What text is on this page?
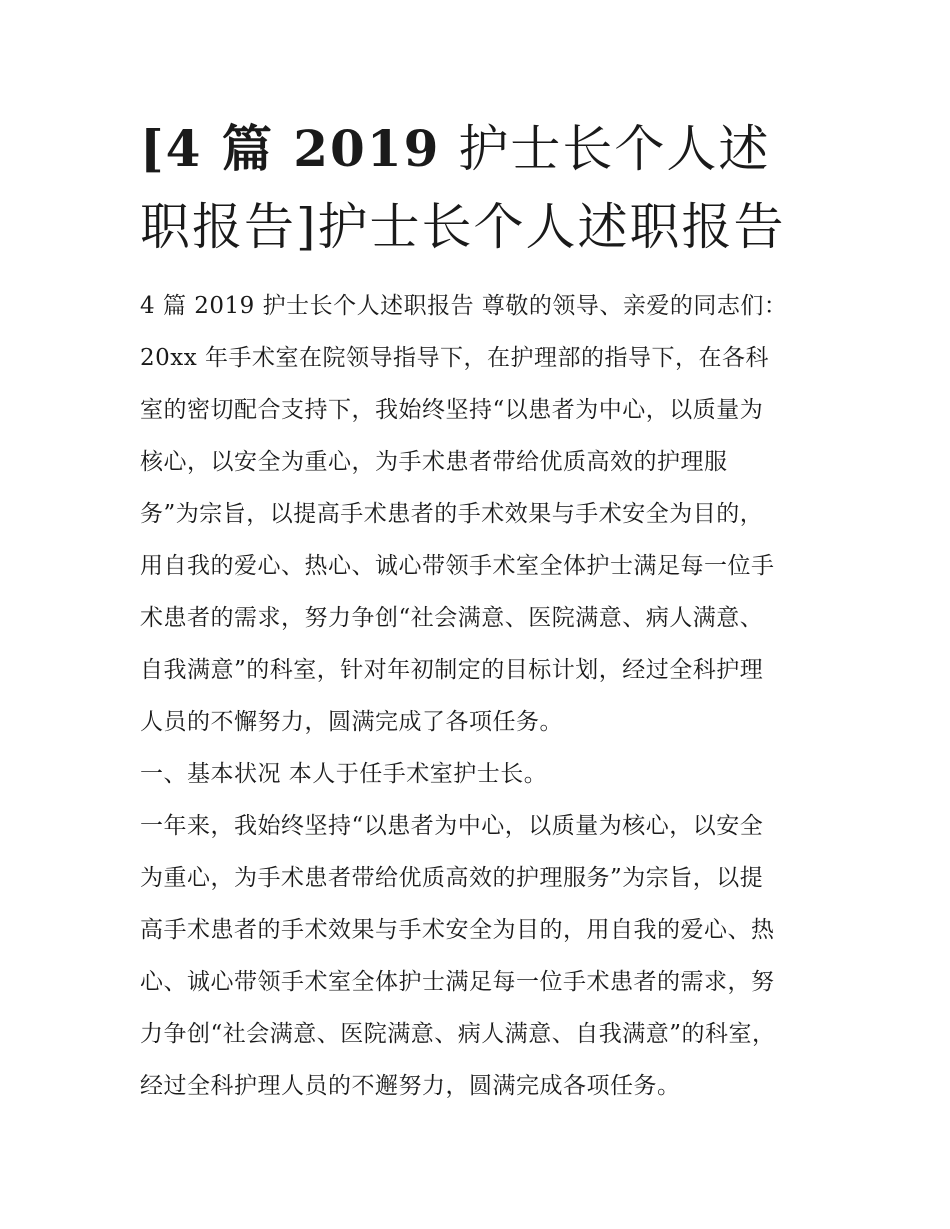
[4 篇 2019 护士长个人述职报告]护士长个人述职报告
4 篇 2019 护士长个人述职报告 尊敬的领导、亲爱的同志们：
20xx 年手术室在院领导指导下，在护理部的指导下，在各科
室的密切配合支持下，我始终坚持“以患者为中心，以质量为
核心，以安全为重心，为手术患者带给优质高效的护理服
务”为宗旨，以提高手术患者的手术效果与手术安全为目的，
用自我的爱心、热心、诚心带领手术室全体护士满足每一位手
术患者的需求，努力争创“社会满意、医院满意、病人满意、
自我满意”的科室，针对年初制定的目标计划，经过全科护理
人员的不懈努力，圆满完成了各项任务。
一、基本状况 本人于任手术室护士长。
一年来，我始终坚持“以患者为中心，以质量为核心，以安全
为重心，为手术患者带给优质高效的护理服务”为宗旨，以提
高手术患者的手术效果与手术安全为目的，用自我的爱心、热
心、诚心带领手术室全体护士满足每一位手术患者的需求，努
力争创“社会满意、医院满意、病人满意、自我满意”的科室，
经过全科护理人员的不邂努力，圆满完成各项任务。
